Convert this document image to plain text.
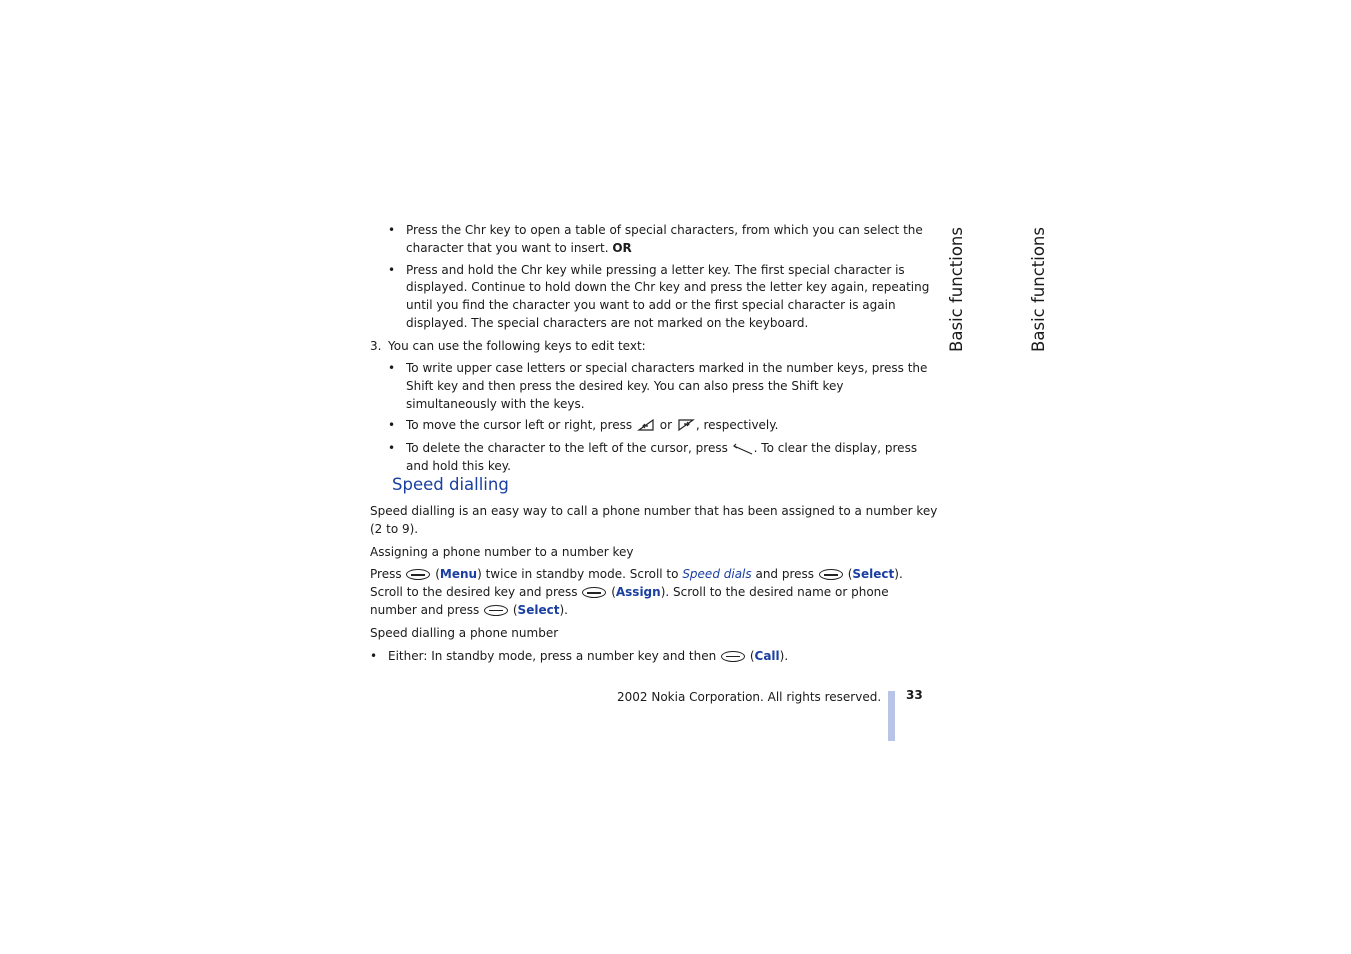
• Press the Chr key to open a table of special characters, from which you can select the character that you want to insert. OR

• Press and hold the Chr key while pressing a letter key. The first special character is displayed. Continue to hold down the Chr key and press the letter key again, repeating until you find the character you want to add or the first special character is again displayed. The special characters are not marked on the keyboard.

3. You can use the following keys to edit text:

• To write upper case letters or special characters marked in the number keys, press the Shift key and then press the desired key. You can also press the Shift key simultaneously with the keys.

• To move the cursor left or right, press or , respectively.

• To delete the character to the left of the cursor, press . To clear the display, press and hold this key.

Speed dialling

Speed dialling is an easy way to call a phone number that has been assigned to a number key (2 to 9).

Assigning a phone number to a number key

Press  (Menu) twice in standby mode. Scroll to Speed dials and press  (Select). Scroll to the desired key and press  (Assign). Scroll to the desired name or phone number and press  (Select).

Speed dialling a phone number

• Either: In standby mode, press a number key and then  (Call).

Basic functions	Basic functions
2002 Nokia Corporation. All rights reserved. 33
